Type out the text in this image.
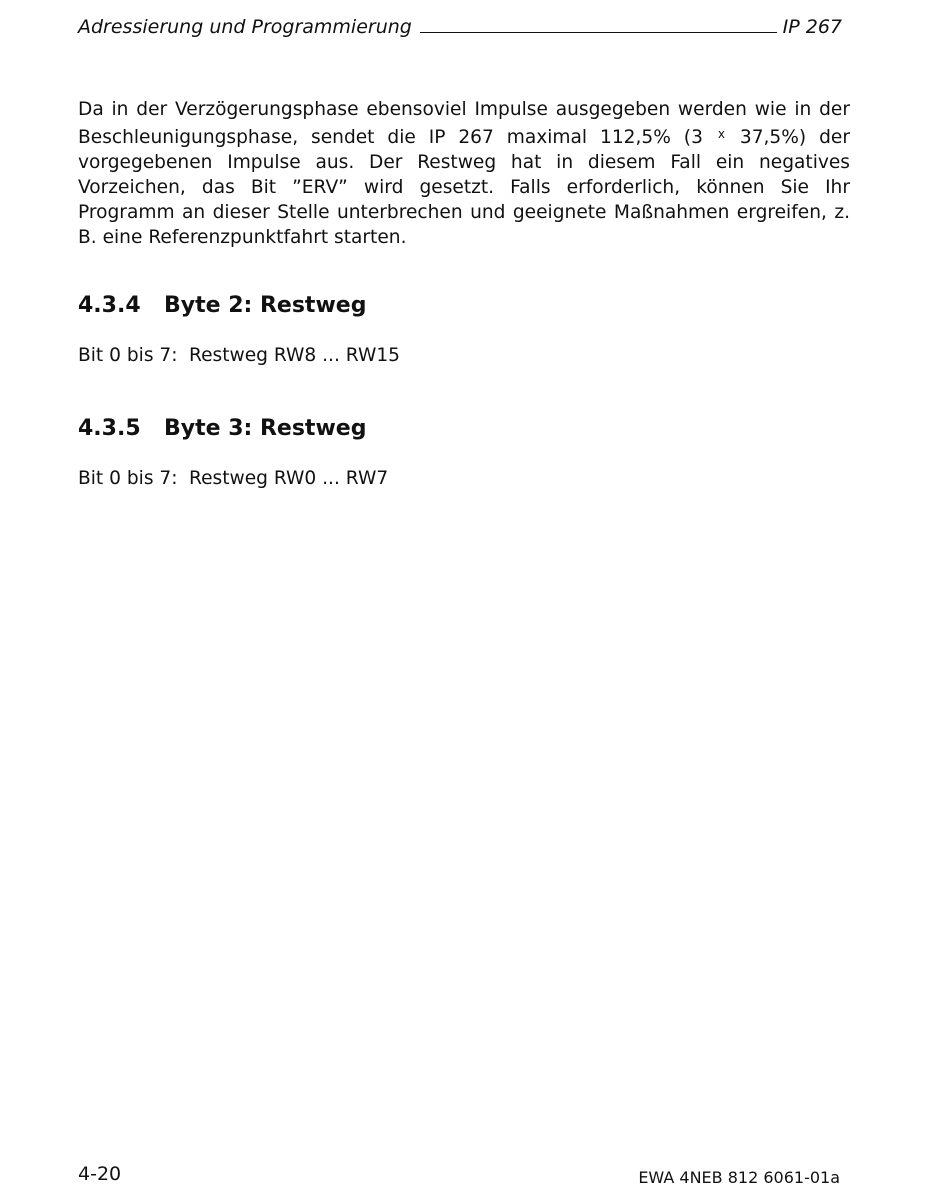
Adressierung und Programmierung	IP 267

Da in der Verzögerungsphase ebensoviel Impulse ausgegeben werden wie in der Beschleunigungsphase, sendet die IP 267 maximal 112,5% (3 $^x$ 37,5%) der vorgegebenen Impulse aus. Der Restweg hat in diesem Fall ein negatives Vorzeichen, das Bit ”ERV” wird gesetzt. Falls erforderlich, können Sie Ihr Programm an dieser Stelle unterbrechen und geeignete Maßnahmen ergreifen, z. B. eine Referenzpunktfahrt starten.

4.3.4	Byte 2: Restweg

Bit 0 bis 7: Restweg RW8 ... RW15

4.3.5	Byte 3: Restweg

Bit 0 bis 7: Restweg RW0 ... RW7

4-20	EWA 4NEB 812 6061-01a
